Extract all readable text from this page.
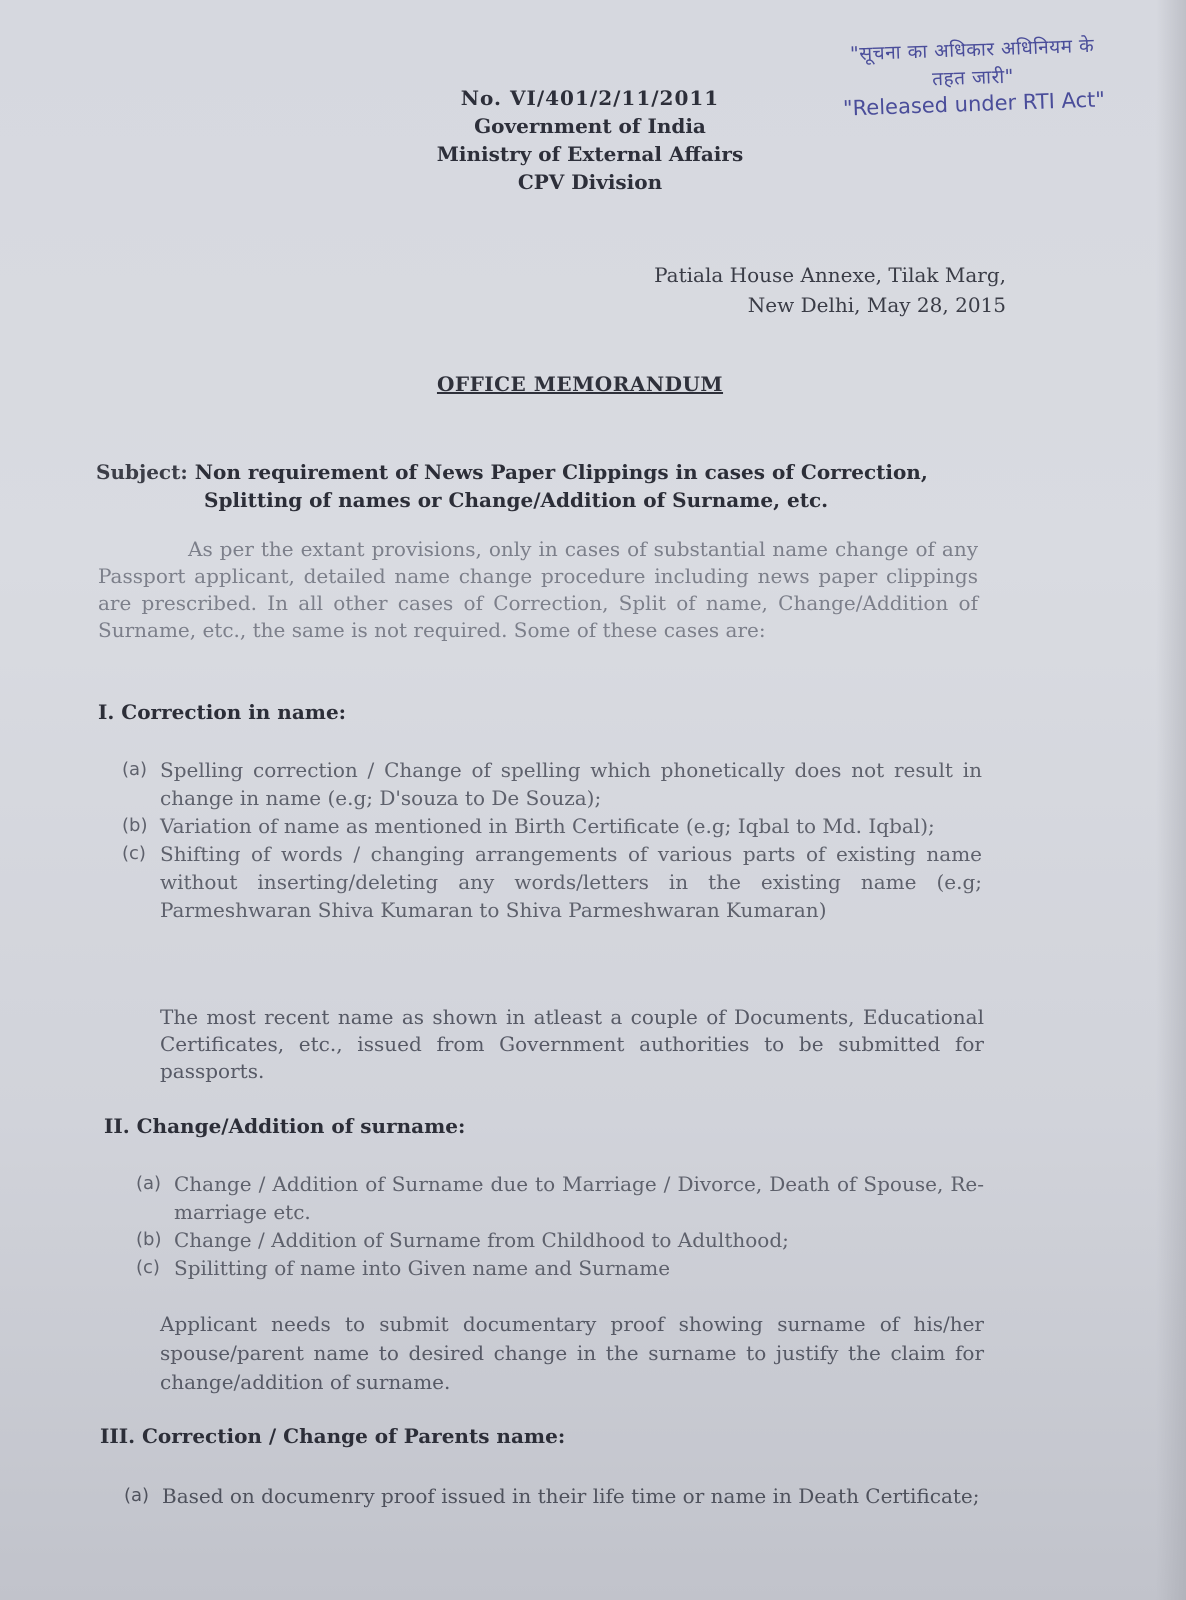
"सूचना का अधिकार अधिनियम के तहत जारी"
"Released under RTI Act"
No. VI/401/2/11/2011
Government of India
Ministry of External Affairs
CPV Division
Patiala House Annexe, Tilak Marg,
New Delhi, May 28, 2015
OFFICE MEMORANDUM
Subject: Non requirement of News Paper Clippings in cases of Correction,
Splitting of names or Change/Addition of Surname, etc.
As per the extant provisions, only in cases of substantial name change of any Passport applicant, detailed name change procedure including news paper clippings are prescribed. In all other cases of Correction, Split of name, Change/Addition of Surname, etc., the same is not required. Some of these cases are:
I. Correction in name:
(a) Spelling correction / Change of spelling which phonetically does not result in change in name (e.g; D'souza to De Souza);
(b) Variation of name as mentioned in Birth Certificate (e.g; Iqbal to Md. Iqbal);
(c) Shifting of words / changing arrangements of various parts of existing name without inserting/deleting any words/letters in the existing name (e.g; Parmeshwaran Shiva Kumaran to Shiva Parmeshwaran Kumaran)
The most recent name as shown in atleast a couple of Documents, Educational Certificates, etc., issued from Government authorities to be submitted for passports.
II. Change/Addition of surname:
(a) Change / Addition of Surname due to Marriage / Divorce, Death of Spouse, Re-marriage etc.
(b) Change / Addition of Surname from Childhood to Adulthood;
(c) Spilitting of name into Given name and Surname
Applicant needs to submit documentary proof showing surname of his/her spouse/parent name to desired change in the surname to justify the claim for change/addition of surname.
III. Correction / Change of Parents name:
(a) Based on documenry proof issued in their life time or name in Death Certificate;
